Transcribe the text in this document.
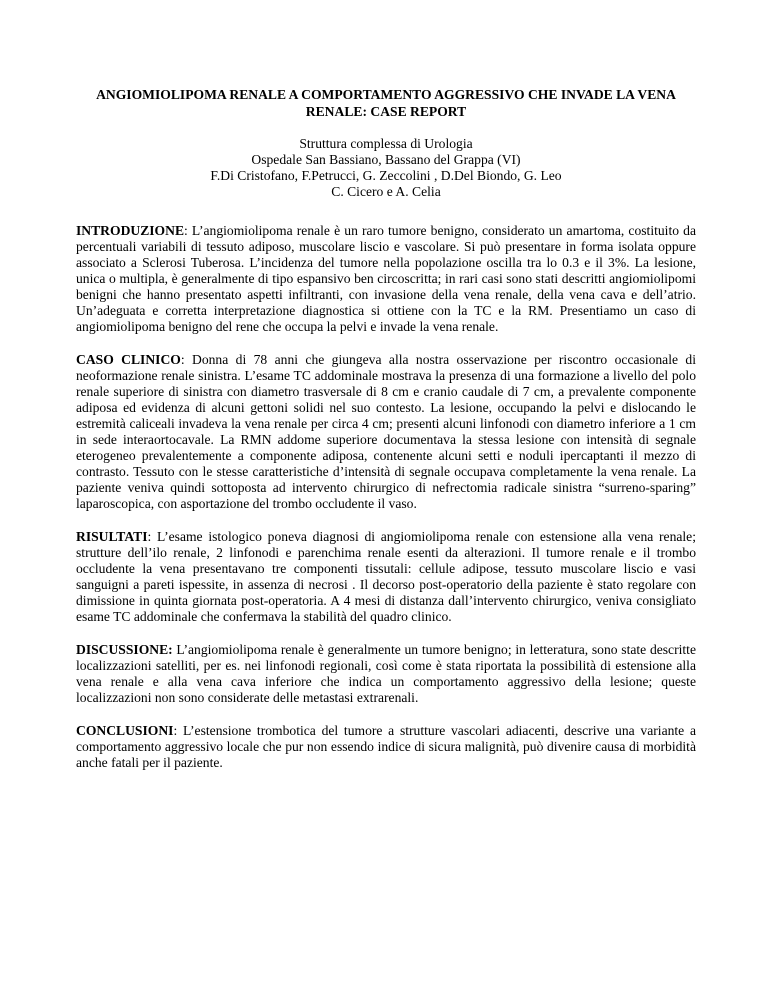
ANGIOMIOLIPOMA RENALE A COMPORTAMENTO AGGRESSIVO CHE INVADE LA VENA RENALE: CASE REPORT
Struttura complessa di Urologia
Ospedale San Bassiano, Bassano del Grappa (VI)
F.Di Cristofano, F.Petrucci, G. Zeccolini , D.Del Biondo, G. Leo
C. Cicero e A. Celia

INTRODUZIONE: L’angiomiolipoma renale è un raro tumore benigno, considerato un amartoma, costituito da percentuali variabili di tessuto adiposo, muscolare liscio e vascolare. Si può presentare in forma isolata oppure associato a Sclerosi Tuberosa. L’incidenza del tumore nella popolazione oscilla tra lo 0.3 e il 3%. La lesione, unica o multipla, è generalmente di tipo espansivo ben circoscritta; in rari casi sono stati descritti angiomiolipomi benigni che hanno presentato aspetti infiltranti, con invasione della vena renale, della vena cava e dell’atrio. Un’adeguata e corretta interpretazione diagnostica si ottiene con la TC e la RM. Presentiamo un caso di angiomiolipoma benigno del rene che occupa la pelvi e invade la vena renale.

CASO CLINICO: Donna di 78 anni che giungeva alla nostra osservazione per riscontro occasionale di neoformazione renale sinistra. L’esame TC addominale mostrava la presenza di una formazione a livello del polo renale superiore di sinistra con diametro trasversale di 8 cm e cranio caudale di 7 cm, a prevalente componente adiposa ed evidenza di alcuni gettoni solidi nel suo contesto. La lesione, occupando la pelvi e dislocando le estremità caliceali invadeva la vena renale per circa 4 cm; presenti alcuni linfonodi con diametro inferiore a 1 cm in sede interaortocavale. La RMN addome superiore documentava la stessa lesione con intensità di segnale eterogeneo prevalentemente a componente adiposa, contenente alcuni setti e noduli ipercaptanti il mezzo di contrasto. Tessuto con le stesse caratteristiche d’intensità di segnale occupava completamente la vena renale. La paziente veniva quindi sottoposta ad intervento chirurgico di nefrectomia radicale sinistra “surreno-sparing” laparoscopica, con asportazione del trombo occludente il vaso.

RISULTATI: L’esame istologico poneva diagnosi di angiomiolipoma renale con estensione alla vena renale; strutture dell’ilo renale, 2 linfonodi e parenchima renale esenti da alterazioni. Il tumore renale e il trombo occludente la vena presentavano tre componenti tissutali: cellule adipose, tessuto muscolare liscio e vasi sanguigni a pareti ispessite, in assenza di necrosi . Il decorso post-operatorio della paziente è stato regolare con dimissione in quinta giornata post-operatoria. A 4 mesi di distanza dall’intervento chirurgico, veniva consigliato esame TC addominale che confermava la stabilità del quadro clinico.

DISCUSSIONE: L’angiomiolipoma renale è generalmente un tumore benigno; in letteratura, sono state descritte localizzazioni satelliti, per es. nei linfonodi regionali, così come è stata riportata la possibilità di estensione alla vena renale e alla vena cava inferiore che indica un comportamento aggressivo della lesione; queste localizzazioni non sono considerate delle metastasi extrarenali.

CONCLUSIONI: L’estensione trombotica del tumore a strutture vascolari adiacenti, descrive una variante a comportamento aggressivo locale che pur non essendo indice di sicura malignità, può divenire causa di morbidità anche fatali per il paziente.
